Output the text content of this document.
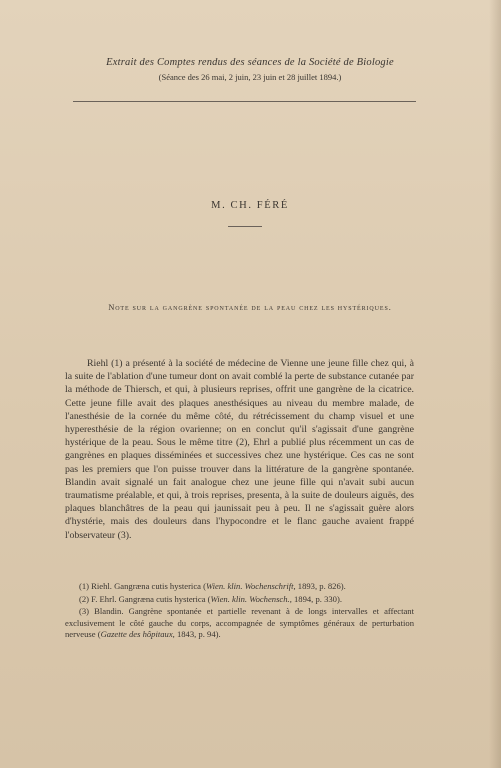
Extrait des Comptes rendus des séances de la Société de Biologie
(Séance des 26 mai, 2 juin, 23 juin et 28 juillet 1894.)
M. CH. FÉRÉ
Note sur la gangrène spontanée de la peau chez les hystériques.

Riehl (1) a présenté à la société de médecine de Vienne une jeune fille chez qui, à la suite de l'ablation d'une tumeur dont on avait comblé la perte de substance cutanée par la méthode de Thiersch, et qui, à plusieurs reprises, offrit une gangrène de la cicatrice. Cette jeune fille avait des plaques anesthésiques au niveau du membre malade, de l'anesthésie de la cornée du même côté, du rétrécissement du champ visuel et une hyperesthésie de la région ovarienne; on en conclut qu'il s'agissait d'une gangrène hystérique de la peau. Sous le même titre (2), Ehrl a publié plus récemment un cas de gangrènes en plaques disséminées et successives chez une hystérique. Ces cas ne sont pas les premiers que l'on puisse trouver dans la littérature de la gangrène spontanée. Blandin avait signalé un fait analogue chez une jeune fille qui n'avait subi aucun traumatisme préalable, et qui, à trois reprises, presenta, à la suite de douleurs aiguës, des plaques blanchâtres de la peau qui jaunissait peu à peu. Il ne s'agissait guère alors d'hystérie, mais des douleurs dans l'hypocondre et le flanc gauche avaient frappé l'observateur (3).

(1) Riehl. Gangræna cutis hysterica (Wien. klin. Wochenschrift, 1893, p. 826).

(2) F. Ehrl. Gangræna cutis hysterica (Wien. klin. Wochensch., 1894, p. 330).

(3) Blandin. Gangrène spontanée et partielle revenant à de longs intervalles et affectant exclusivement le côté gauche du corps, accompagnée de symptômes généraux de perturbation nerveuse (Gazette des hôpitaux, 1843, p. 94).
